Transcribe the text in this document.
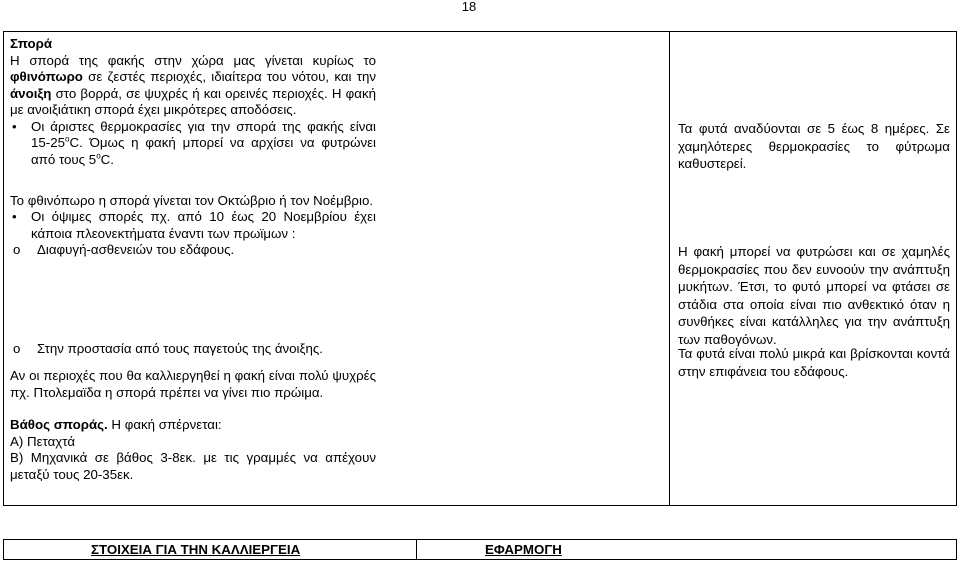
18
Σπορά
Η σπορά της φακής στην χώρα μας γίνεται κυρίως το φθινόπωρο σε ζεστές περιοχές, ιδιαίτερα του νότου, και την άνοιξη στο βορρά, σε ψυχρές ή και ορεινές περιοχές. Η φακή με ανοιξιάτικη σπορά έχει μικρότερες αποδόσεις.
• Οι άριστες θερμοκρασίες για την σπορά της φακής είναι $15-25^oC$. Όμως η φακή μπορεί να αρχίσει να φυτρώνει από τους $5^oC$.
Το φθινόπωρο η σπορά γίνεται τον Οκτώβριο ή τον Νοέμβριο.
• Οι όψιμες σπορές πχ. από 10 έως 20 Νοεμβρίου έχει κάποια πλεονεκτήματα έναντι των πρωϊμων :
o Διαφυγή-ασθενειών του εδάφους.
o Στην προστασία από τους παγετούς της άνοιξης.
Αν οι περιοχές που θα καλλιεργηθεί η φακή είναι πολύ ψυχρές πχ. Πτολεμαϊδα η σπορά πρέπει να γίνει πιο πρώιμα.
Βάθος σποράς. Η φακή σπέρνεται:
Α) Πεταχτά
Β) Μηχανικά σε βάθος 3-8εκ. με τις γραμμές να απέχουν μεταξύ τους 20-35εκ.
Τα φυτά αναδύονται σε 5 έως 8 ημέρες. Σε χαμηλότερες θερμοκρασίες το φύτρωμα καθυστερεί.
Η φακή μπορεί να φυτρώσει και σε χαμηλές θερμοκρασίες που δεν ευνοούν την ανάπτυξη μυκήτων. Έτσι, το φυτό μπορεί να φτάσει σε στάδια στα οποία είναι πιο ανθεκτικό όταν η συνθήκες είναι κατάλληλες για την ανάπτυξη των παθογόνων.
Τα φυτά είναι πολύ μικρά και βρίσκονται κοντά στην επιφάνεια του εδάφους.
ΣΤΟΙΧΕΙΑ ΓΙΑ ΤΗΝ ΚΑΛΛΙΕΡΓΕΙΑ	ΕΦΑΡΜΟΓΗ
